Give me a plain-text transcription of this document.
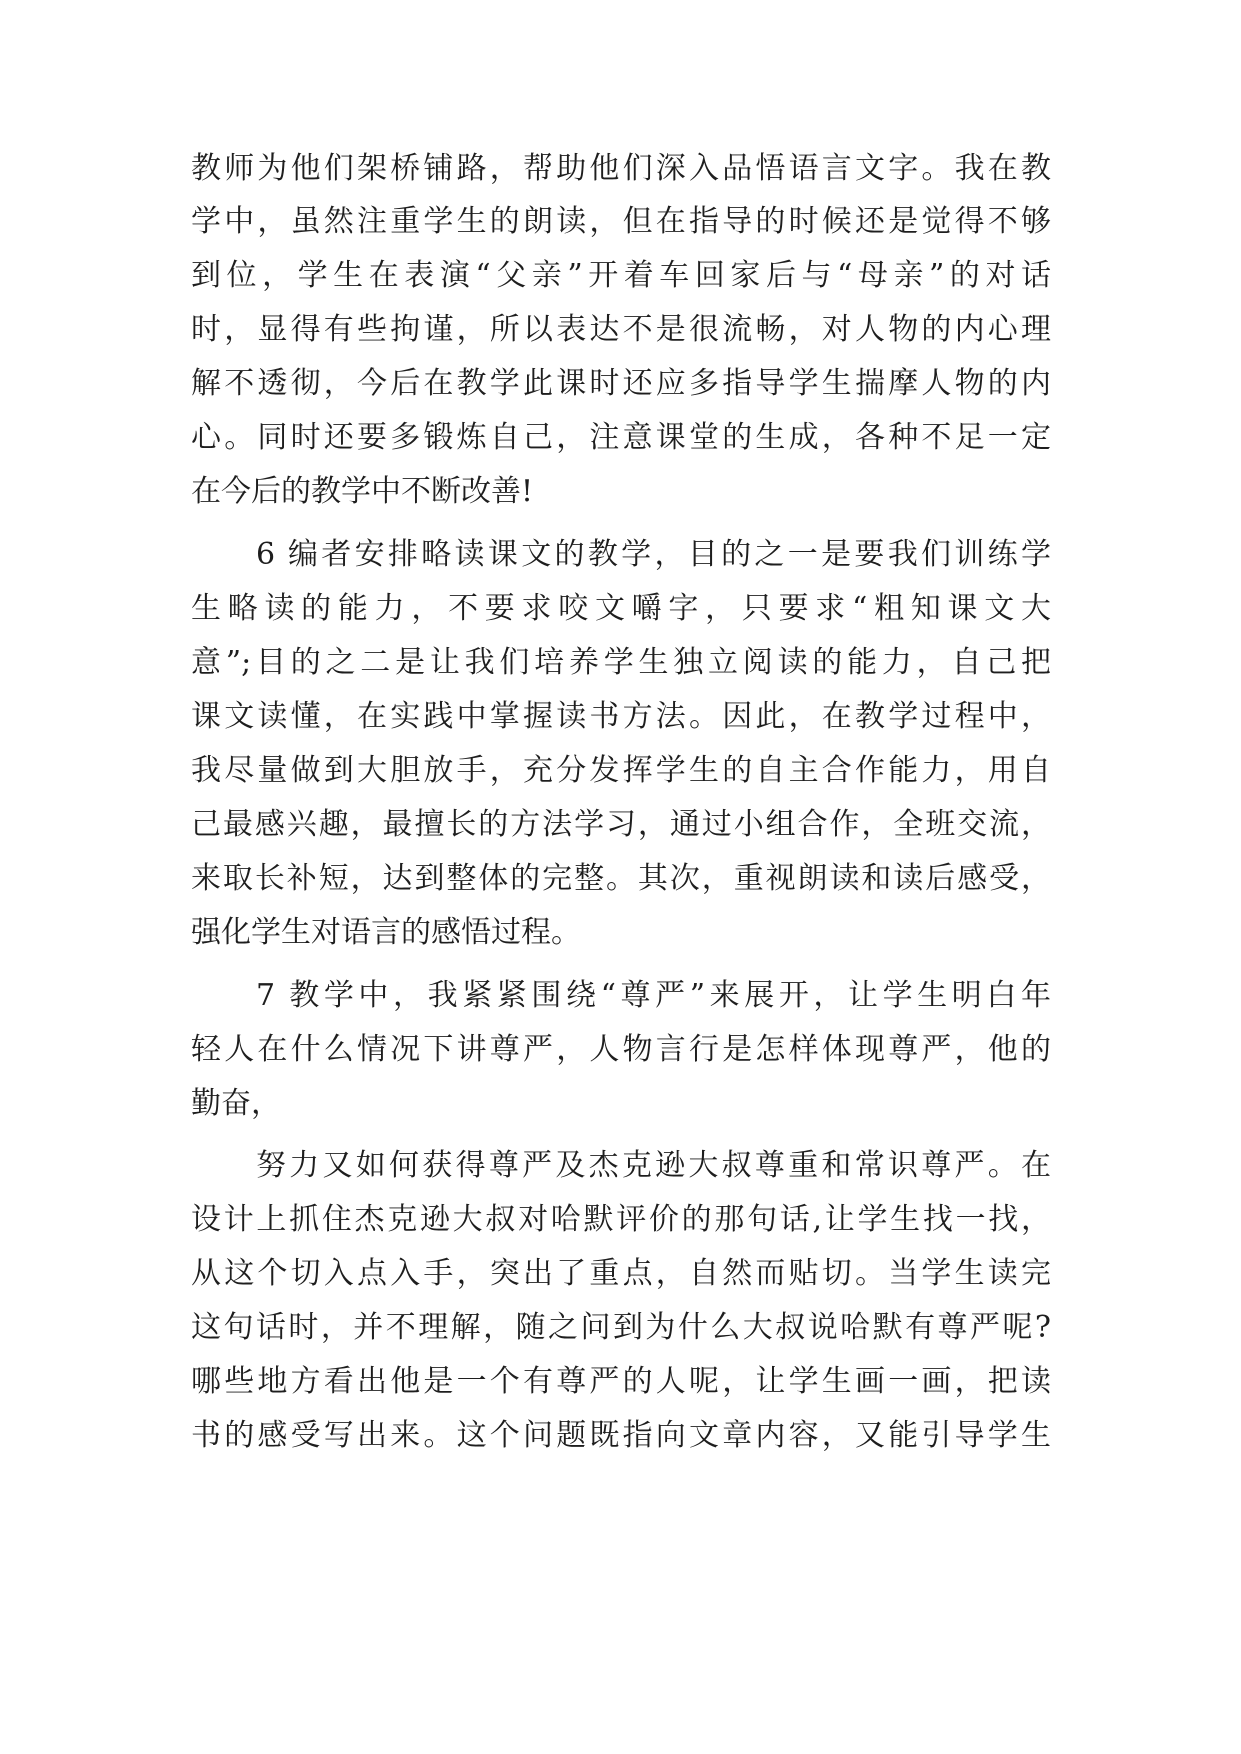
教师为他们架桥铺路，帮助他们深入品悟语言文字。我在教
学中，虽然注重学生的朗读，但在指导的时候还是觉得不够
到位，学生在表演“父亲”开着车回家后与“母亲”的对话
时，显得有些拘谨，所以表达不是很流畅，对人物的内心理
解不透彻，今后在教学此课时还应多指导学生揣摩人物的内
心。同时还要多锻炼自己，注意课堂的生成，各种不足一定
在今后的教学中不断改善!
6 编者安排略读课文的教学，目的之一是要我们训练学
生略读的能力，不要求咬文嚼字，只要求“粗知课文大
意”;目的之二是让我们培养学生独立阅读的能力，自己把
课文读懂，在实践中掌握读书方法。因此，在教学过程中，
我尽量做到大胆放手，充分发挥学生的自主合作能力，用自
己最感兴趣，最擅长的方法学习，通过小组合作，全班交流，
来取长补短，达到整体的完整。其次，重视朗读和读后感受，
强化学生对语言的感悟过程。
7 教学中，我紧紧围绕“尊严”来展开，让学生明白年
轻人在什么情况下讲尊严，人物言行是怎样体现尊严，他的
勤奋，
努力又如何获得尊严及杰克逊大叔尊重和常识尊严。在
设计上抓住杰克逊大叔对哈默评价的那句话,让学生找一找，
从这个切入点入手，突出了重点，自然而贴切。当学生读完
这句话时，并不理解，随之问到为什么大叔说哈默有尊严呢?
哪些地方看出他是一个有尊严的人呢，让学生画一画，把读
书的感受写出来。这个问题既指向文章内容，又能引导学生
